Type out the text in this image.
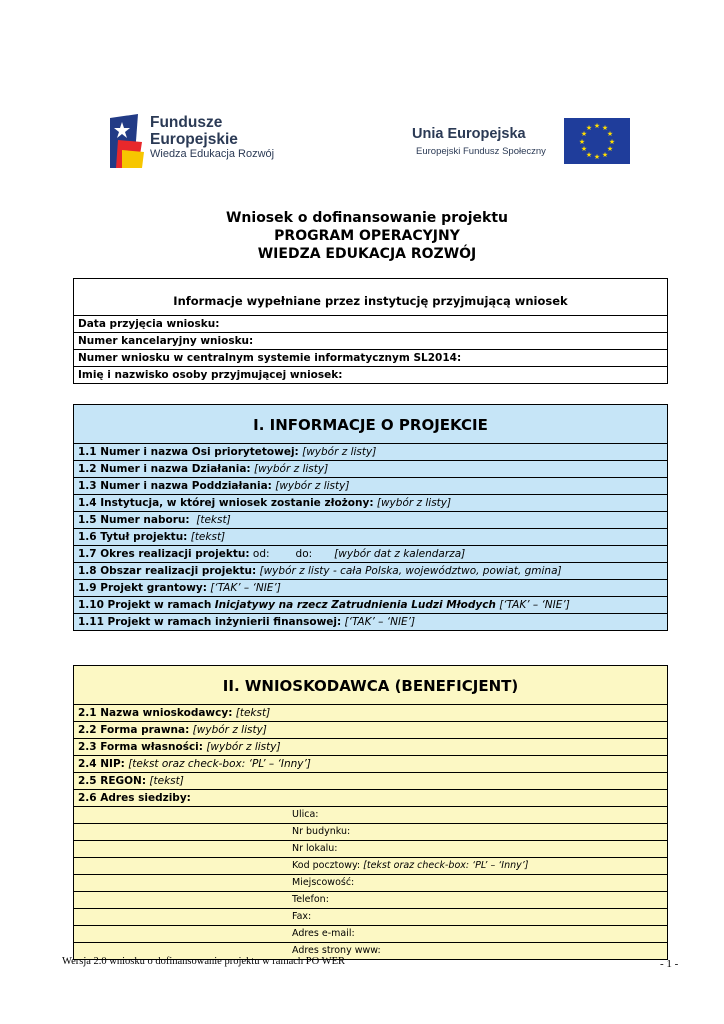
Fundusze
Europejskie
Wiedza Edukacja Rozwój
Unia Europejska
Europejski Fundusz Społeczny
★ ★
★
★
★
★
★
★
★
★
★
★
Wniosek o dofinansowanie projektu
PROGRAM OPERACYJNY
WIEDZA EDUKACJA ROZWÓJ
Informacje wypełniane przez instytucję przyjmującą wniosek
Data przyjęcia wniosku:
Numer kancelaryjny wniosku:
Numer wniosku w centralnym systemie informatycznym SL2014:
Imię i nazwisko osoby przyjmującej wniosek:
I. INFORMACJE O PROJEKCIE
1.1 Numer i nazwa Osi priorytetowej: [wybór z listy]
1.2 Numer i nazwa Działania: [wybór z listy]
1.3 Numer i nazwa Poddziałania: [wybór z listy]
1.4 Instytucja, w której wniosek zostanie złożony: [wybór z listy]
1.5 Numer naboru: [tekst]
1.6 Tytuł projektu: [tekst]
1.7 Okres realizacji projektu: od: do: [wybór dat z kalendarza]
1.8 Obszar realizacji projektu: [wybór z listy - cała Polska, województwo, powiat, gmina]
1.9 Projekt grantowy: [‘TAK’ – ‘NIE’]
1.10 Projekt w ramach Inicjatywy na rzecz Zatrudnienia Ludzi Młodych [‘TAK’ – ‘NIE’]
1.11 Projekt w ramach inżynierii finansowej: [‘TAK’ – ‘NIE’]
II. WNIOSKODAWCA (BENEFICJENT)
2.1 Nazwa wnioskodawcy: [tekst]
2.2 Forma prawna: [wybór z listy]
2.3 Forma własności: [wybór z listy]
2.4 NIP: [tekst oraz check-box: ‘PL’ – ‘Inny’]
2.5 REGON: [tekst]
2.6 Adres siedziby:
Ulica:
Nr budynku:
Nr lokalu:
Kod pocztowy: [tekst oraz check-box: ‘PL’ – ‘Inny’]
Miejscowość:
Telefon:
Fax:
Adres e-mail:
Adres strony www:
Wersja 2.0 wniosku o dofinansowanie projektu w ramach PO WER	- 1 -
